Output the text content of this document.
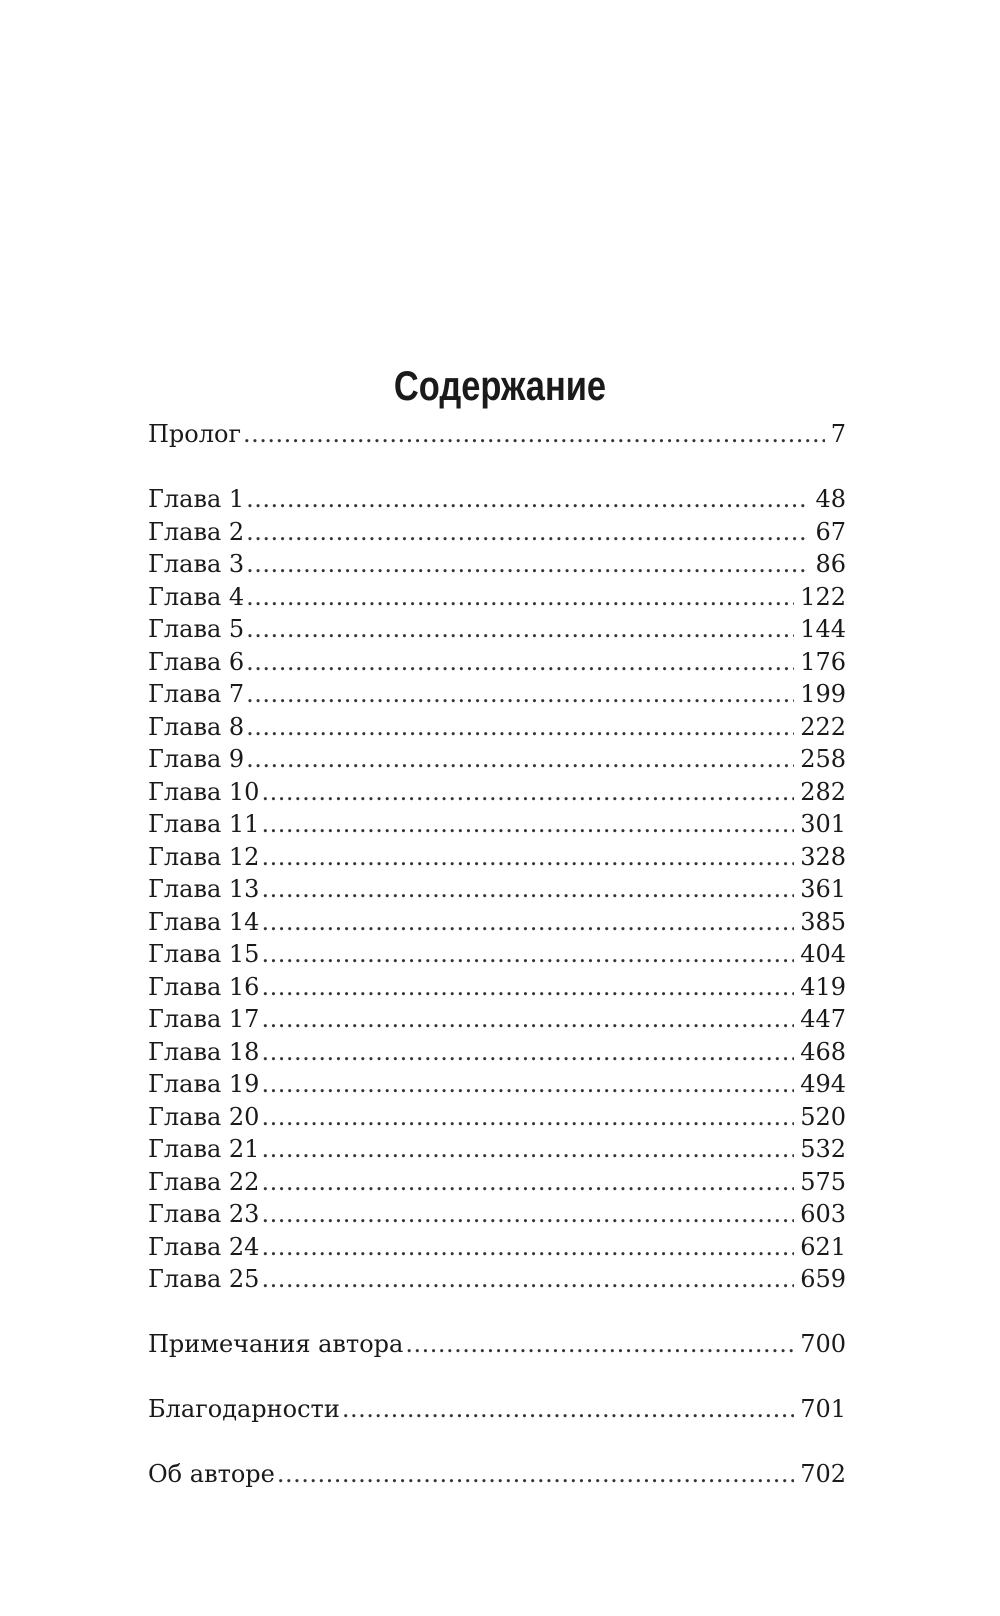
Содержание
Пролог .....	7
Глава 1 .....	48
Глава 2 .....	67
Глава 3 .....	86
Глава 4 .....	122
Глава 5 .....	144
Глава 6 .....	176
Глава 7 .....	199
Глава 8 .....	222
Глава 9 .....	258
Глава 10 .....	282
Глава 11 .....	301
Глава 12 .....	328
Глава 13 .....	361
Глава 14 .....	385
Глава 15 .....	404
Глава 16 .....	419
Глава 17 .....	447
Глава 18 .....	468
Глава 19 .....	494
Глава 20 .....	520
Глава 21 .....	532
Глава 22 .....	575
Глава 23 .....	603
Глава 24 .....	621
Глава 25 .....	659
Примечания автора .....	700
Благодарности .....	701
Об авторе .....	702
